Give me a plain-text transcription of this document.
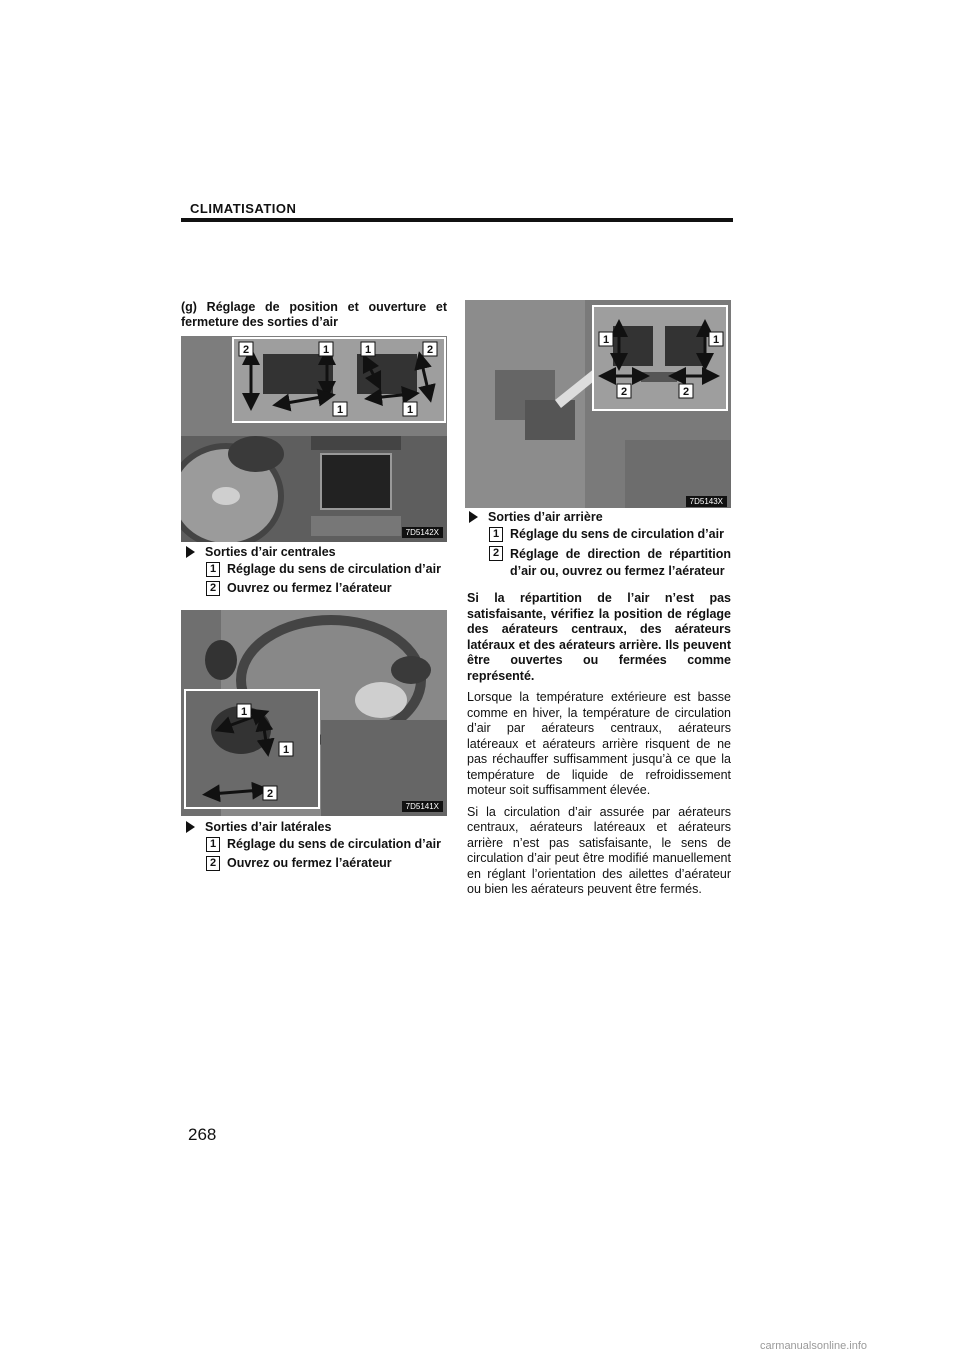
CLIMATISATION
(g) Réglage de position et ouverture et fermeture des sorties d’air
2	1	1	2
1	1
7D5142X
Sorties d’air centrales
1 Réglage du sens de circulation d’air
2 Ouvrez ou fermez l’aérateur
1
1
2
7D5141X
Sorties d’air latérales
1 Réglage du sens de circulation d’air
2 Ouvrez ou fermez l’aérateur
1	1
2	2
7D5143X
Sorties d’air arrière
1 Réglage du sens de circulation d’air
2 Réglage de direction de répartition d’air ou, ouvrez ou fermez l’aérateur

Si la répartition de l’air n’est pas satisfaisante, vérifiez la position de réglage des aérateurs centraux, des aérateurs latéraux et des aérateurs arrière. Ils peuvent être ouvertes ou fermées comme représenté.

Lorsque la température extérieure est basse comme en hiver, la température de circulation d’air par aérateurs centraux, aérateurs latéreaux et aérateurs arrière risquent de ne pas réchauffer suffisamment jusqu’à ce que la température de liquide de refroidissement moteur soit suffisamment élevée.

Si la circulation d’air assurée par aérateurs centraux, aérateurs latéreaux et aérateurs arrière n’est pas satisfaisante, le sens de circulation d’air peut être modifié manuellement en réglant l’orientation des ailettes d’aérateur ou bien les aérateurs peuvent être fermés.

268
carmanualsonline.info
